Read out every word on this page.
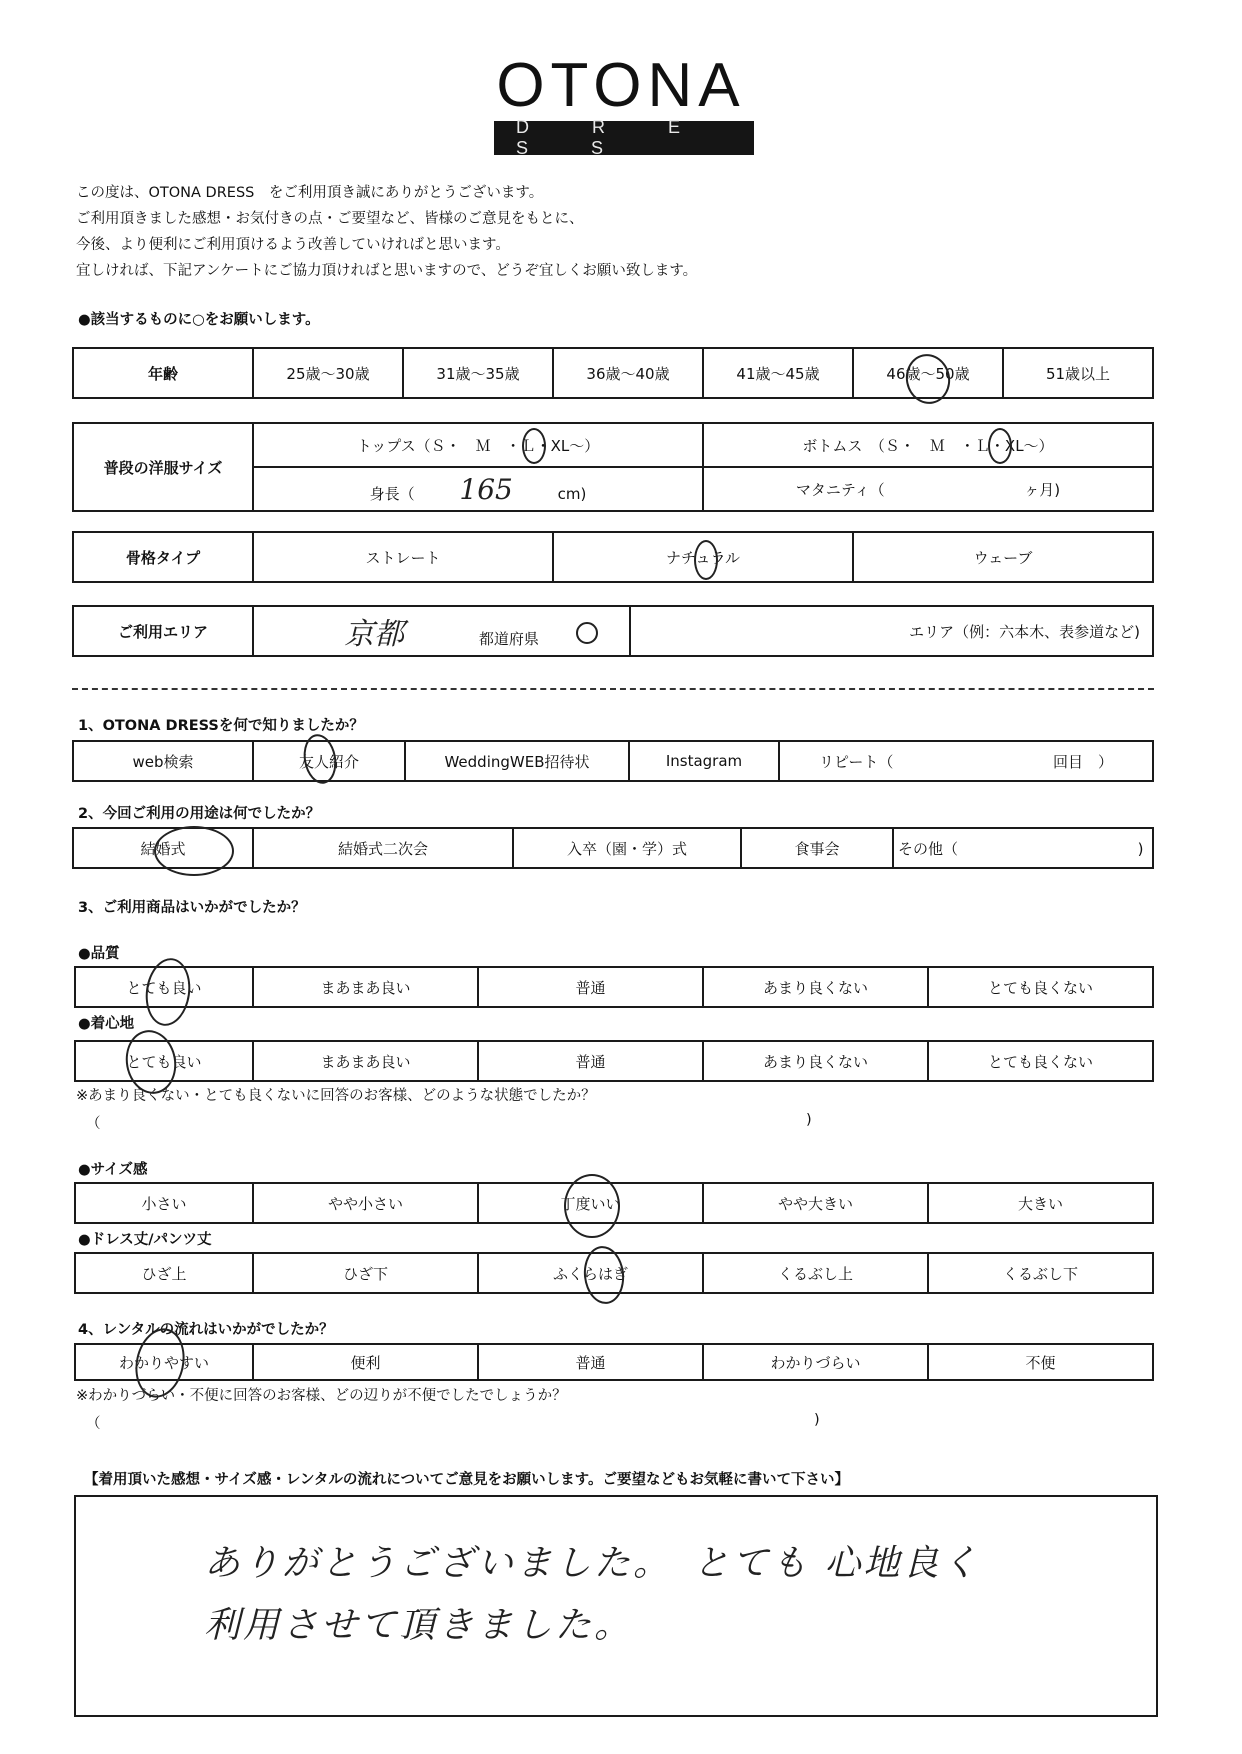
OTONA
D R E S S
この度は、OTONA DRESS　をご利用頂き誠にありがとうございます。
ご利用頂きました感想・お気付きの点・ご要望など、皆様のご意見をもとに、
今後、より便利にご利用頂けるよう改善していければと思います。
宜しければ、下記アンケートにご協力頂ければと思いますので、どうぞ宜しくお願い致します。
●該当するものに○をお願いします。
年齢	25歳～30歳	31歳～35歳	36歳～40歳	41歳～45歳	46歳～50歳	51歳以上
普段の洋服サイズ	トップス（Ｓ・　Ｍ　・Ｌ・XL～）	ボトムス　（Ｓ・　Ｍ　・Ｌ・XL～）
	身長（ 165 cm)	マタニティ（ ヶ月)
骨格タイプ	ストレート	ナチュラル	ウェーブ
ご利用エリア	京都	都道府県	エリア（例：六本木、表参道など)
1、OTONA DRESSを何で知りましたか？
web検索	友人紹介	WeddingWEB招待状	Instagram	リピート（	回目　）
2、今回ご利用の用途は何でしたか？
結婚式	結婚式二次会	入卒（園・学）式	食事会	その他（	)
3、ご利用商品はいかがでしたか？
●品質
とても良い	まあまあ良い	普通	あまり良くない	とても良くない
●着心地
とても良い	まあまあ良い	普通	あまり良くない	とても良くない
※あまり良くない・とても良くないに回答のお客様、どのような状態でしたか？
（	)
●サイズ感
小さい	やや小さい	丁度いい	やや大きい	大きい
●ドレス丈/パンツ丈
ひざ上	ひざ下	ふくらはぎ	くるぶし上	くるぶし下
4、レンタルの流れはいかがでしたか？
わかりやすい	便利	普通	わかりづらい	不便
※わかりづらい・不便に回答のお客様、どの辺りが不便でしたでしょうか？
（	)
【着用頂いた感想・サイズ感・レンタルの流れについてご意見をお願いします。ご要望などもお気軽に書いて下さい】
ありがとうございました。　とても 心地良く
利用させて頂きました。
